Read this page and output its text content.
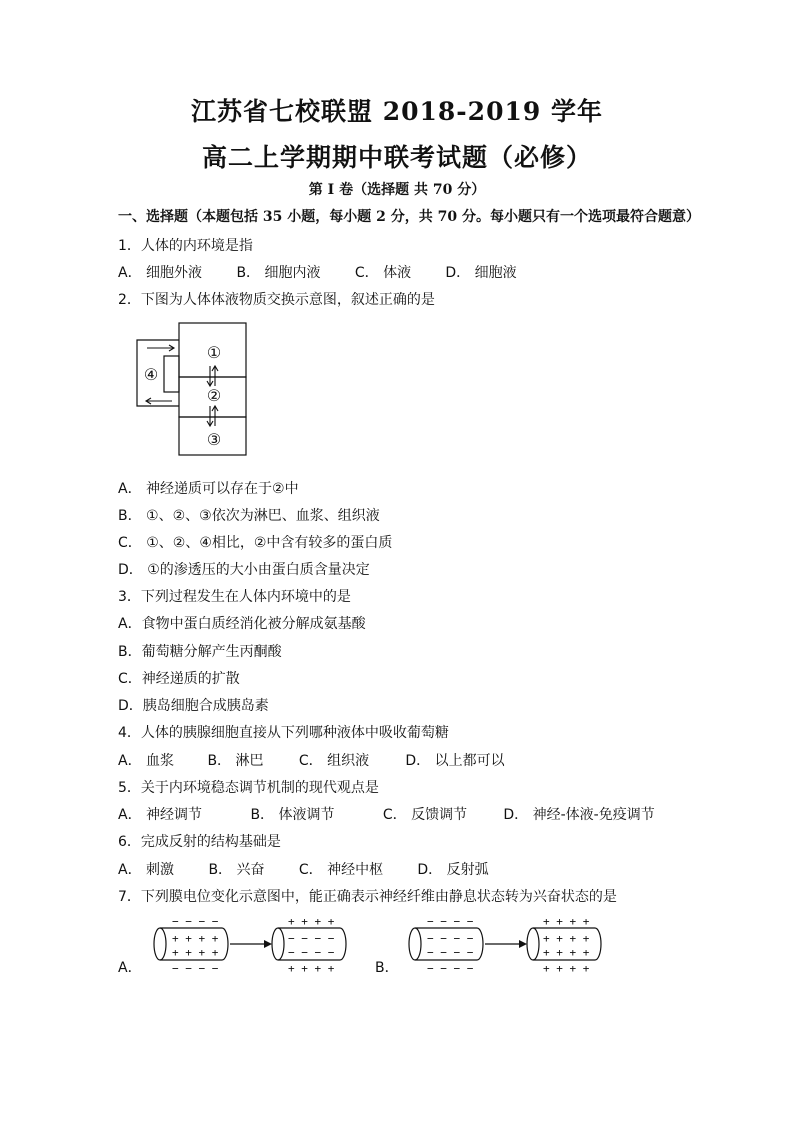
江苏省七校联盟 2018-2019 学年
高二上学期期中联考试题（必修）
第 I 卷（选择题 共 70 分）
一、选择题（本题包括 35 小题，每小题 2 分，共 70 分。每小题只有一个选项最符合题意）
1．人体的内环境是指
A． 细胞外液 B． 细胞内液 C． 体液 D． 细胞液
2．下图为人体体液物质交换示意图，叙述正确的是
①
②
③
④
A． 神经递质可以存在于②中
B． ①、②、③依次为淋巴、血浆、组织液
C． ①、②、④相比，②中含有较多的蛋白质
D． ①的渗透压的大小由蛋白质含量决定
3．下列过程发生在人体内环境中的是
A．食物中蛋白质经消化被分解成氨基酸
B．葡萄糖分解产生丙酮酸
C．神经递质的扩散
D．胰岛细胞合成胰岛素
4．人体的胰腺细胞直接从下列哪种液体中吸收葡萄糖
A． 血浆 B． 淋巴	C． 组织液	D． 以上都可以
5．关于内环境稳态调节机制的现代观点是
A． 神经调节	B． 体液调节	C． 反馈调节	D． 神经-体液-免疫调节
6．完成反射的结构基础是
A． 刺激 B． 兴奋 C． 神经中枢 D． 反射弧
7．下列膜电位变化示意图中，能正确表示神经纤维由静息状态转为兴奋状态的是
A．	B．
− − − −
+ + + +
+ + + +
− − − −
+ + + +
− − − −
− − − −
+ + + +
− − − −
− − − −
− − − −
− − − −
+ + + +
+ + + +
+ + + +
+ + + +
